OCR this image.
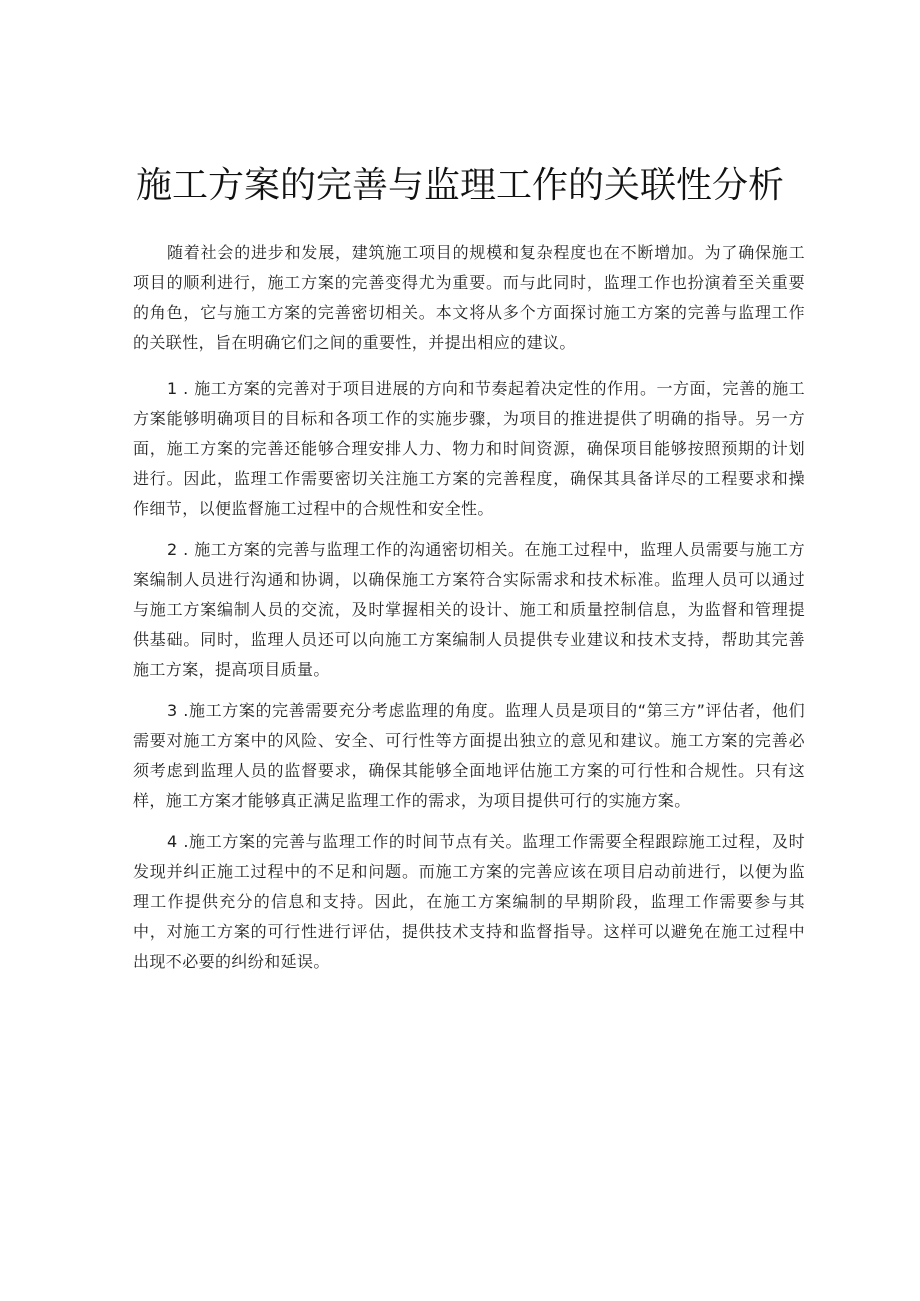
施工方案的完善与监理工作的关联性分析

随着社会的进步和发展，建筑施工项目的规模和复杂程度也在不断增加。为了确保施工项目的顺利进行，施工方案的完善变得尤为重要。而与此同时，监理工作也扮演着至关重要的角色，它与施工方案的完善密切相关。本文将从多个方面探讨施工方案的完善与监理工作的关联性，旨在明确它们之间的重要性，并提出相应的建议。

1 . 施工方案的完善对于项目进展的方向和节奏起着决定性的作用。一方面，完善的施工方案能够明确项目的目标和各项工作的实施步骤，为项目的推进提供了明确的指导。另一方面，施工方案的完善还能够合理安排人力、物力和时间资源，确保项目能够按照预期的计划进行。因此，监理工作需要密切关注施工方案的完善程度，确保其具备详尽的工程要求和操作细节，以便监督施工过程中的合规性和安全性。

2 . 施工方案的完善与监理工作的沟通密切相关。在施工过程中，监理人员需要与施工方案编制人员进行沟通和协调，以确保施工方案符合实际需求和技术标准。监理人员可以通过与施工方案编制人员的交流，及时掌握相关的设计、施工和质量控制信息，为监督和管理提供基础。同时，监理人员还可以向施工方案编制人员提供专业建议和技术支持，帮助其完善施工方案，提高项目质量。

3 .施工方案的完善需要充分考虑监理的角度。监理人员是项目的“第三方”评估者，他们需要对施工方案中的风险、安全、可行性等方面提出独立的意见和建议。施工方案的完善必须考虑到监理人员的监督要求，确保其能够全面地评估施工方案的可行性和合规性。只有这样，施工方案才能够真正满足监理工作的需求，为项目提供可行的实施方案。

4 .施工方案的完善与监理工作的时间节点有关。监理工作需要全程跟踪施工过程，及时发现并纠正施工过程中的不足和问题。而施工方案的完善应该在项目启动前进行，以便为监理工作提供充分的信息和支持。因此，在施工方案编制的早期阶段，监理工作需要参与其中，对施工方案的可行性进行评估，提供技术支持和监督指导。这样可以避免在施工过程中出现不必要的纠纷和延误。
